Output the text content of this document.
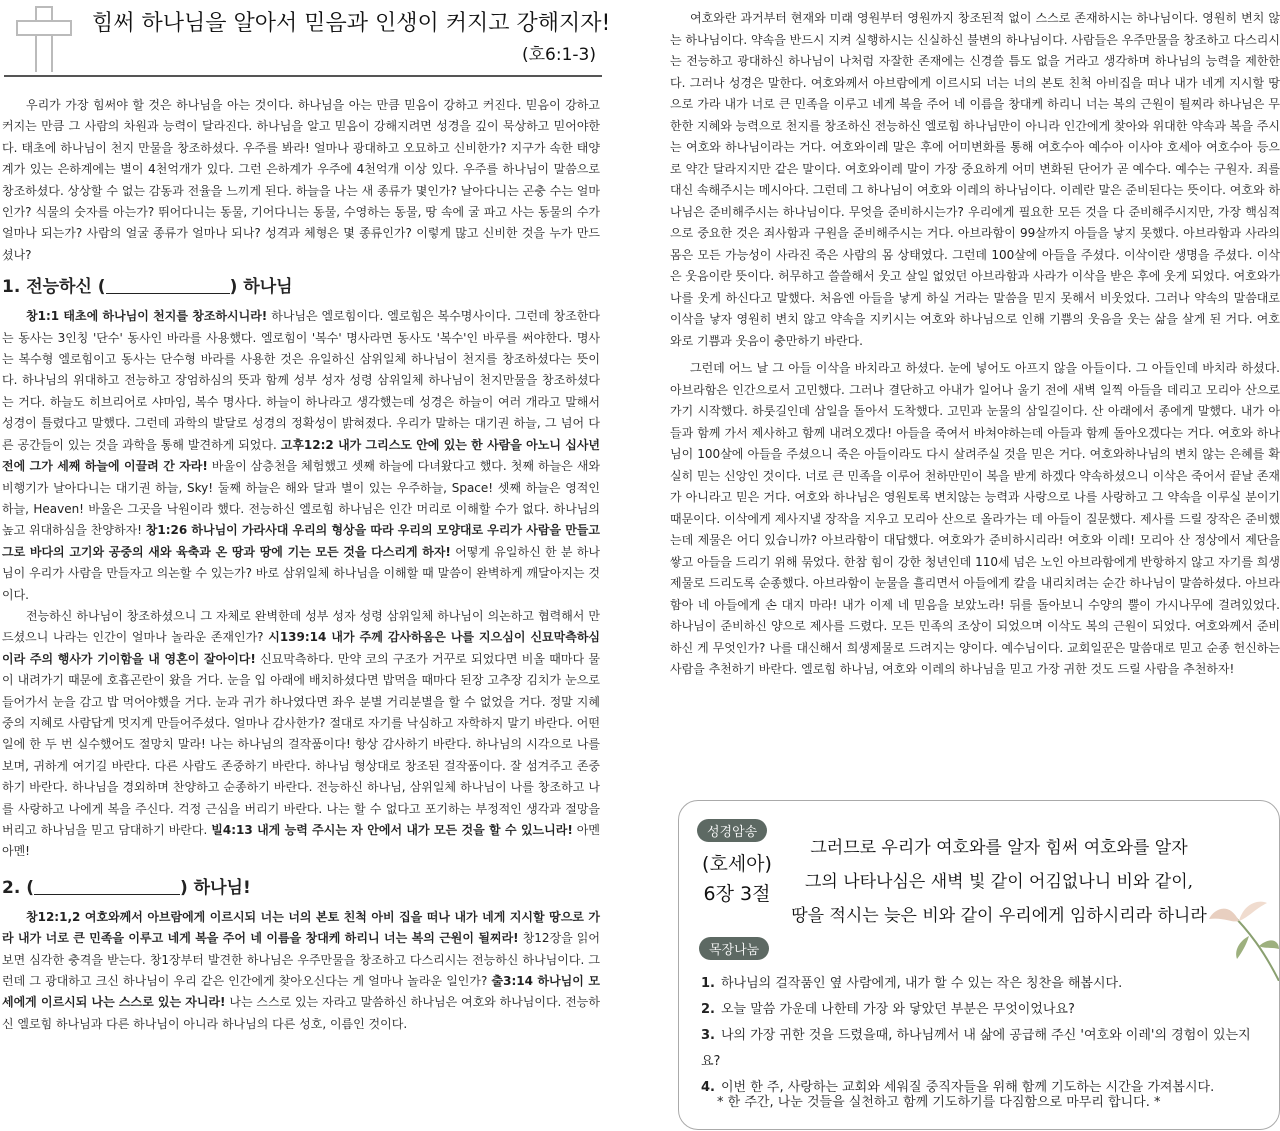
힘써 하나님을 알아서 믿음과 인생이 커지고 강해지자!
(호6:1-3)

우리가 가장 힘써야 할 것은 하나님을 아는 것이다. 하나님을 아는 만큼 믿음이 강하고 커진다. 믿음이 강하고 커지는 만큼 그 사람의 차원과 능력이 달라진다. 하나님을 알고 믿음이 강해지려면 성경을 깊이 묵상하고 믿어야한다. 태초에 하나님이 천지 만물을 창조하셨다. 우주를 봐라! 얼마나 광대하고 오묘하고 신비한가? 지구가 속한 태양계가 있는 은하계에는 별이 4천억개가 있다. 그런 은하계가 우주에 4천억개 이상 있다. 우주를 하나님이 말씀으로 창조하셨다. 상상할 수 없는 감동과 전율을 느끼게 된다. 하늘을 나는 새 종류가 몇인가? 날아다니는 곤충 수는 얼마인가? 식물의 숫자를 아는가? 뛰어다니는 동물, 기어다니는 동물, 수영하는 동물, 땅 속에 굴 파고 사는 동물의 수가 얼마나 되는가? 사람의 얼굴 종류가 얼마나 되나? 성격과 체형은 몇 종류인가? 이렇게 많고 신비한 것을 누가 만드셨나?

1. 전능하신 (	) 하나님

창1:1 태초에 하나님이 천지를 창조하시니라! 하나님은 엘로힘이다. 엘로힘은 복수명사이다. 그런데 창조한다는 동사는 3인칭 '단수' 동사인 바라를 사용했다. 엘로힘이 '복수' 명사라면 동사도 '복수'인 바루를 써야한다. 명사는 복수형 엘로힘이고 동사는 단수형 바라를 사용한 것은 유일하신 삼위일체 하나님이 천지를 창조하셨다는 뜻이다. 하나님의 위대하고 전능하고 장엄하심의 뜻과 함께 성부 성자 성령 삼위일체 하나님이 천지만물을 창조하셨다는 거다. 하늘도 히브리어로 샤마임, 복수 명사다. 하늘이 하나라고 생각했는데 성경은 하늘이 여러 개라고 말해서 성경이 틀렸다고 말했다. 그런데 과학의 발달로 성경의 정확성이 밝혀졌다. 우리가 말하는 대기권 하늘, 그 넘어 다른 공간들이 있는 것을 과학을 통해 발견하게 되었다. 고후12:2 내가 그리스도 안에 있는 한 사람을 아노니 십사년전에 그가 세째 하늘에 이끌려 간 자라! 바울이 삼층천을 체험했고 셋째 하늘에 다녀왔다고 했다. 첫째 하늘은 새와 비행기가 날아다니는 대기권 하늘, Sky! 둘째 하늘은 해와 달과 별이 있는 우주하늘, Space! 셋째 하늘은 영적인 하늘, Heaven! 바울은 그곳을 낙원이라 했다. 전능하신 엘로힘 하나님은 인간 머리로 이해할 수가 없다. 하나님의 높고 위대하심을 찬양하자! 창1:26 하나님이 가라사대 우리의 형상을 따라 우리의 모양대로 우리가 사람을 만들고 그로 바다의 고기와 공중의 새와 육축과 온 땅과 땅에 기는 모든 것을 다스리게 하자! 어떻게 유일하신 한 분 하나님이 우리가 사람을 만들자고 의논할 수 있는가? 바로 삼위일체 하나님을 이해할 때 말씀이 완벽하게 깨달아지는 것이다.

전능하신 하나님이 창조하셨으니 그 자체로 완벽한데 성부 성자 성령 삼위일체 하나님이 의논하고 협력해서 만드셨으니 나라는 인간이 얼마나 놀라운 존재인가? 시139:14 내가 주께 감사하옴은 나를 지으심이 신묘막측하심이라 주의 행사가 기이함을 내 영혼이 잘아이다! 신묘막측하다. 만약 코의 구조가 거꾸로 되었다면 비올 때마다 물이 내려가기 때문에 호흡곤란이 왔을 거다. 눈을 입 아래에 배치하셨다면 밥먹을 때마다 된장 고추장 김치가 눈으로 들어가서 눈을 감고 밥 먹어야했을 거다. 눈과 귀가 하나였다면 좌우 분별 거리분별을 할 수 없었을 거다. 정말 지혜 중의 지혜로 사람답게 멋지게 만들어주셨다. 얼마나 감사한가? 절대로 자기를 낙심하고 자학하지 말기 바란다. 어떤 일에 한 두 번 실수했어도 절망치 말라! 나는 하나님의 걸작품이다! 항상 감사하기 바란다. 하나님의 시각으로 나를 보며, 귀하게 여기길 바란다. 다른 사람도 존중하기 바란다. 하나님 형상대로 창조된 걸작품이다. 잘 섬겨주고 존중하기 바란다. 하나님을 경외하며 찬양하고 순종하기 바란다. 전능하신 하나님, 삼위일체 하나님이 나를 창조하고 나를 사랑하고 나에게 복을 주신다. 걱정 근심을 버리기 바란다. 나는 할 수 없다고 포기하는 부정적인 생각과 절망을 버리고 하나님을 믿고 담대하기 바란다. 빌4:13 내게 능력 주시는 자 안에서 내가 모든 것을 할 수 있느니라! 아멘 아멘!

2. (	) 하나님!

창12:1,2 여호와께서 아브람에게 이르시되 너는 너의 본토 친척 아비 집을 떠나 내가 네게 지시할 땅으로 가라 내가 너로 큰 민족을 이루고 네게 복을 주어 네 이름을 창대케 하리니 너는 복의 근원이 될찌라! 창12장을 읽어보면 심각한 충격을 받는다. 창1장부터 발견한 하나님은 우주만물을 창조하고 다스리시는 전능하신 하나님이다. 그런데 그 광대하고 크신 하나님이 우리 같은 인간에게 찾아오신다는 게 얼마나 놀라운 일인가? 출3:14 하나님이 모세에게 이르시되 나는 스스로 있는 자니라! 나는 스스로 있는 자라고 말씀하신 하나님은 여호와 하나님이다. 전능하신 엘로힘 하나님과 다른 하나님이 아니라 하나님의 다른 성호, 이름인 것이다.

여호와란 과거부터 현재와 미래 영원부터 영원까지 창조된적 없이 스스로 존재하시는 하나님이다. 영원히 변치 않는 하나님이다. 약속을 반드시 지켜 실행하시는 신실하신 불변의 하나님이다. 사람들은 우주만물을 창조하고 다스리시는 전능하고 광대하신 하나님이 나처럼 자잘한 존재에는 신경쓸 틈도 없을 거라고 생각하며 하나님의 능력을 제한한다. 그러나 성경은 말한다. 여호와께서 아브람에게 이르시되 너는 너의 본토 친척 아비집을 떠나 내가 네게 지시할 땅으로 가라 내가 너로 큰 민족을 이루고 네게 복을 주어 네 이름을 창대케 하리니 너는 복의 근원이 될찌라 하나님은 무한한 지혜와 능력으로 천지를 창조하신 전능하신 엘로힘 하나님만이 아니라 인간에게 찾아와 위대한 약속과 복을 주시는 여호와 하나님이라는 거다. 여호와이레 말은 후에 어미변화를 통해 여호수아 예수아 이사야 호세아 여호수아 등으로 약간 달라지지만 같은 말이다. 여호와이레 말이 가장 중요하게 어미 변화된 단어가 곧 예수다. 예수는 구원자. 죄를 대신 속해주시는 메시아다. 그런데 그 하나님이 여호와 이레의 하나님이다. 이레란 말은 준비된다는 뜻이다. 여호와 하나님은 준비해주시는 하나님이다. 무엇을 준비하시는가? 우리에게 필요한 모든 것을 다 준비해주시지만, 가장 핵심적으로 중요한 것은 죄사함과 구원을 준비해주시는 거다. 아브라함이 99살까지 아들을 낳지 못했다. 아브라함과 사라의 몸은 모든 가능성이 사라진 죽은 사람의 몸 상태였다. 그런데 100살에 아들을 주셨다. 이삭이란 생명을 주셨다. 이삭은 웃음이란 뜻이다. 허무하고 쓸쓸해서 웃고 살일 없었던 아브라함과 사라가 이삭을 받은 후에 웃게 되었다. 여호와가 나를 웃게 하신다고 말했다. 처음엔 아들을 낳게 하실 거라는 말씀을 믿지 못해서 비웃었다. 그러나 약속의 말씀대로 이삭을 낳자 영원히 변치 않고 약속을 지키시는 여호와 하나님으로 인해 기쁨의 웃음을 웃는 삶을 살게 된 거다. 여호와로 기쁨과 웃음이 충만하기 바란다.

그런데 어느 날 그 아들 이삭을 바치라고 하셨다. 눈에 넣어도 아프지 않을 아들이다. 그 아들인데 바치라 하셨다. 아브라함은 인간으로서 고민했다. 그러나 결단하고 아내가 일어나 울기 전에 새벽 일찍 아들을 데리고 모리아 산으로 가기 시작했다. 하룻길인데 삼일을 돌아서 도착했다. 고민과 눈물의 삼일길이다. 산 아래에서 종에게 말했다. 내가 아들과 함께 가서 제사하고 함께 내려오겠다! 아들을 죽여서 바쳐야하는데 아들과 함께 돌아오겠다는 거다. 여호와 하나님이 100살에 아들을 주셨으니 죽은 아들이라도 다시 살려주실 것을 믿은 거다. 여호와하나님의 변치 않는 은혜를 확실히 믿는 신앙인 것이다. 너로 큰 민족을 이루어 천하만민이 복을 받게 하겠다 약속하셨으니 이삭은 죽어서 끝날 존재가 아니라고 믿은 거다. 여호와 하나님은 영원토록 변치않는 능력과 사랑으로 나를 사랑하고 그 약속을 이루실 분이기 때문이다. 이삭에게 제사지낼 장작을 지우고 모리아 산으로 올라가는 데 아들이 질문했다. 제사를 드릴 장작은 준비했는데 제물은 어디 있습니까? 아브라함이 대답했다. 여호와가 준비하시리라! 여호와 이레! 모리아 산 정상에서 제단을 쌓고 아들을 드리기 위해 묶었다. 한참 힘이 강한 청년인데 110세 넘은 노인 아브라함에게 반항하지 않고 자기를 희생제물로 드리도록 순종했다. 아브라함이 눈물을 흘리면서 아들에게 칼을 내리치려는 순간 하나님이 말씀하셨다. 아브라함아 네 아들에게 손 대지 마라! 내가 이제 네 믿음을 보았노라! 뒤를 돌아보니 수양의 뿔이 가시나무에 걸려있었다. 하나님이 준비하신 양으로 제사를 드렸다. 모든 민족의 조상이 되었으며 이삭도 복의 근원이 되었다. 여호와께서 준비하신 게 무엇인가? 나를 대신해서 희생제물로 드려지는 양이다. 예수님이다. 교회일꾼은 말씀대로 믿고 순종 헌신하는 사람을 추천하기 바란다. 엘로힘 하나님, 여호와 이레의 하나님을 믿고 가장 귀한 것도 드릴 사람을 추천하자!

성경암송
(호세아)
6장 3절
그러므로 우리가 여호와를 알자 힘써 여호와를 알자
그의 나타나심은 새벽 빛 같이 어김없나니 비와 같이,
땅을 적시는 늦은 비와 같이 우리에게 임하시리라 하니라
목장나눔
1. 하나님의 걸작품인 옆 사람에게, 내가 할 수 있는 작은 칭찬을 해봅시다.
2. 오늘 말씀 가운데 나한테 가장 와 닿았던 부분은 무엇이었나요?
3. 나의 가장 귀한 것을 드렸을때, 하나님께서 내 삶에 공급해 주신 '여호와 이레'의 경험이 있는지요?
4. 이번 한 주, 사랑하는 교회와 세워질 중직자들을 위해 함께 기도하는 시간을 가져봅시다.
* 한 주간, 나눈 것들을 실천하고 함께 기도하기를 다짐함으로 마무리 합니다. *
